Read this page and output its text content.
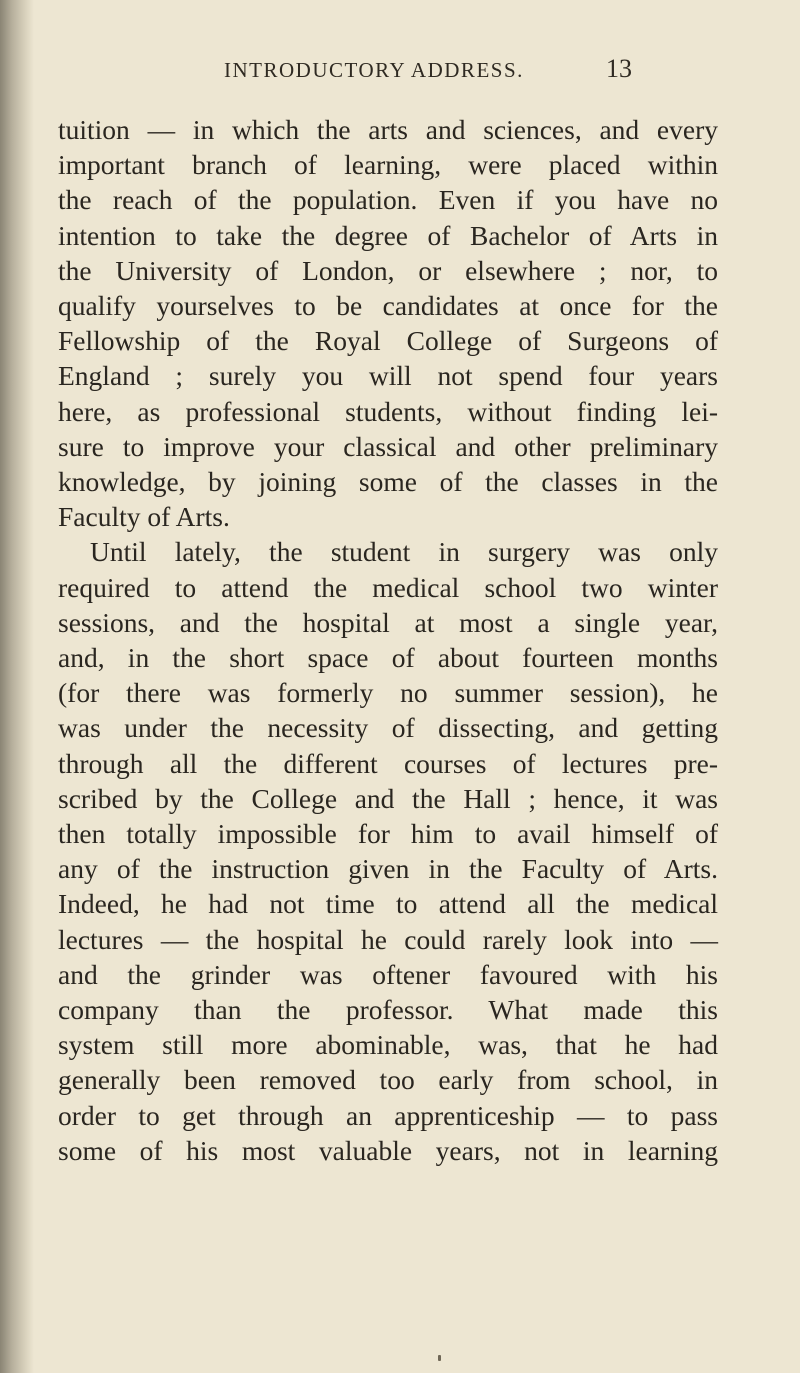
INTRODUCTORY ADDRESS.	13
tuition — in which the arts and sciences, and every
important branch of learning, were placed within
the reach of the population. Even if you have no
intention to take the degree of Bachelor of Arts in
the University of London, or elsewhere ; nor, to
qualify yourselves to be candidates at once for the
Fellowship of the Royal College of Surgeons of
England ; surely you will not spend four years
here, as professional students, without finding lei-
sure to improve your classical and other preliminary
knowledge, by joining some of the classes in the
Faculty of Arts.
Until lately, the student in surgery was only
required to attend the medical school two winter
sessions, and the hospital at most a single year,
and, in the short space of about fourteen months
(for there was formerly no summer session), he
was under the necessity of dissecting, and getting
through all the different courses of lectures pre-
scribed by the College and the Hall ; hence, it was
then totally impossible for him to avail himself of
any of the instruction given in the Faculty of Arts.
Indeed, he had not time to attend all the medical
lectures — the hospital he could rarely look into —
and the grinder was oftener favoured with his
company than the professor. What made this
system still more abominable, was, that he had
generally been removed too early from school, in
order to get through an apprenticeship — to pass
some of his most valuable years, not in learning
